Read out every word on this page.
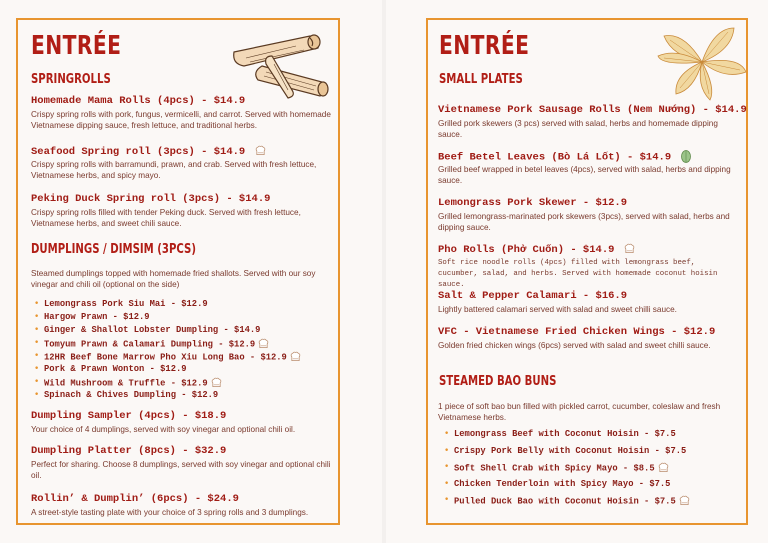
ENTRÉE
SPRINGROLLS
Homemade Mama Rolls (4pcs) - $14.9
Crispy spring rolls with pork, fungus, vermicelli, and carrot. Served with homemade Vietnamese dipping sauce, fresh lettuce, and traditional herbs.
Seafood Spring roll (3pcs) - $14.9
Crispy spring rolls with barramundi, prawn, and crab. Served with fresh lettuce, Vietnamese herbs, and spicy mayo.
Peking Duck Spring roll (3pcs) - $14.9
Crispy spring rolls filled with tender Peking duck. Served with fresh lettuce, Vietnamese herbs, and sweet chili sauce.
DUMPLINGS / DIMSIM (3PCS)
Steamed dumplings topped with homemade fried shallots. Served with our soy vinegar and chili oil (optional on the side)
• Lemongrass Pork Siu Mai - $12.9
• Hargow Prawn - $12.9
• Ginger & Shallot Lobster Dumpling - $14.9
• Tomyum Prawn & Calamari Dumpling - $12.9
• 12HR Beef Bone Marrow Pho Xiu Long Bao - $12.9
• Pork & Prawn Wonton - $12.9
• Wild Mushroom & Truffle - $12.9
• Spinach & Chives Dumpling - $12.9
Dumpling Sampler (4pcs) - $18.9
Your choice of 4 dumplings, served with soy vinegar and optional chili oil.
Dumpling Platter (8pcs) - $32.9
Perfect for sharing. Choose 8 dumplings, served with soy vinegar and optional chili oil.
Rollin’ & Dumplin’ (6pcs) - $24.9
A street-style tasting plate with your choice of 3 spring rolls and 3 dumplings.
ENTRÉE
SMALL PLATES
Vietnamese Pork Sausage Rolls (Nem Nướng) - $14.9
Grilled pork skewers (3 pcs) served with salad, herbs and homemade dipping sauce.
Beef Betel Leaves (Bò Lá Lốt) - $14.9
Grilled beef wrapped in betel leaves (4pcs), served with salad, herbs and dipping sauce.
Lemongrass Pork Skewer - $12.9
Grilled lemongrass-marinated pork skewers (3pcs), served with salad, herbs and dipping sauce.
Pho Rolls (Phở Cuốn) - $14.9
Soft rice noodle rolls (4pcs) filled with lemongrass beef, cucumber, salad, and herbs. Served with homemade coconut hoisin sauce.
Salt & Pepper Calamari - $16.9
Lightly battered calamari served with salad and sweet chilli sauce.
VFC - Vietnamese Fried Chicken Wings - $12.9
Golden fried chicken wings (6pcs) served with salad and sweet chilli sauce.
STEAMED BAO BUNS
1 piece of soft bao bun filled with pickled carrot, cucumber, coleslaw and fresh Vietnamese herbs.
• Lemongrass Beef with Coconut Hoisin - $7.5
• Crispy Pork Belly with Coconut Hoisin - $7.5
• Soft Shell Crab with Spicy Mayo - $8.5
• Chicken Tenderloin with Spicy Mayo - $7.5
• Pulled Duck Bao with Coconut Hoisin - $7.5
